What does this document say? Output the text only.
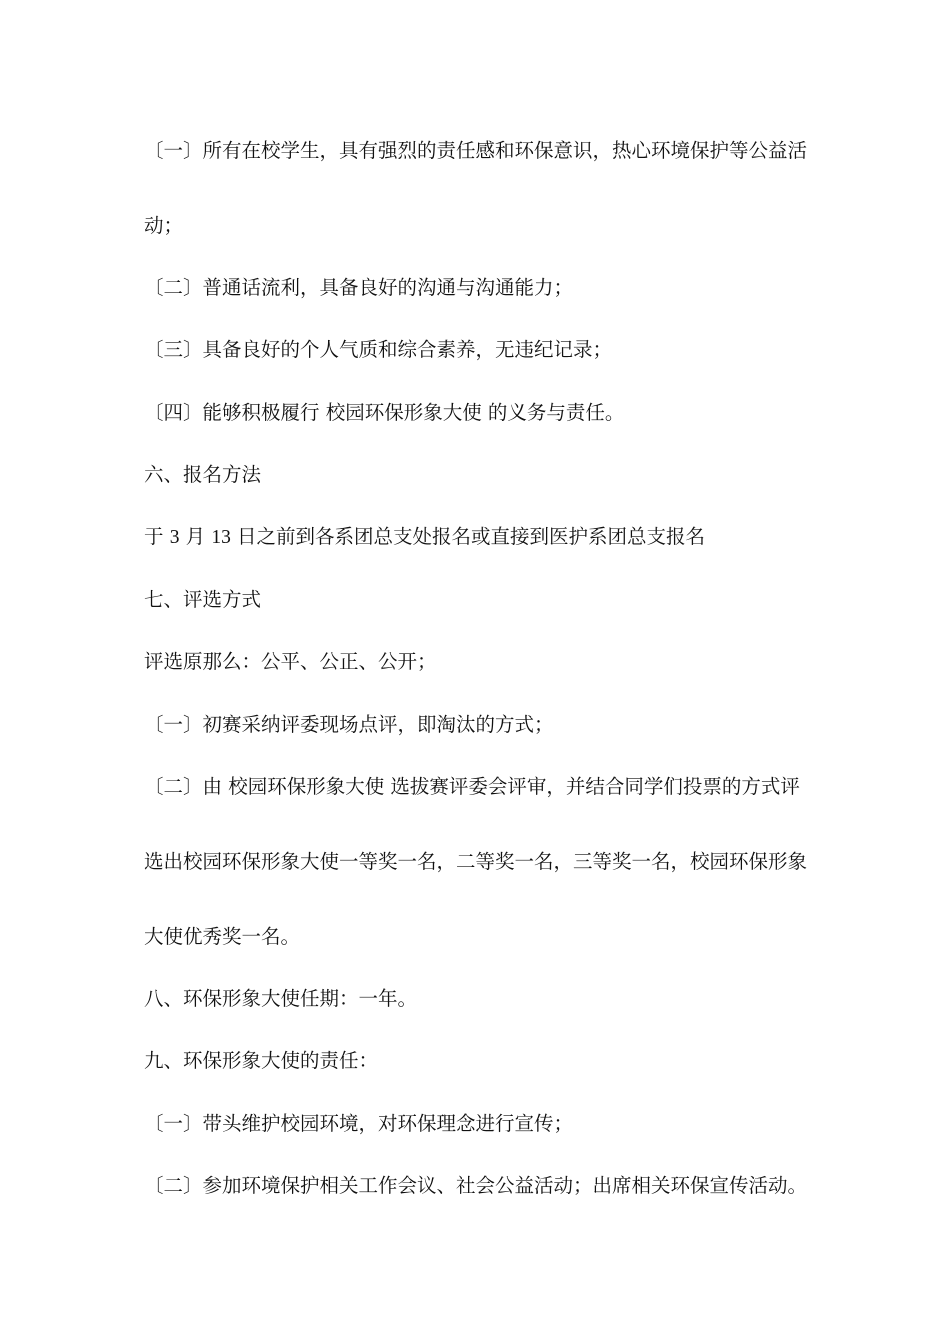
〔一〕所有在校学生，具有强烈的责任感和环保意识，热心环境保护等公益活
动；
〔二〕普通话流利，具备良好的沟通与沟通能力；
〔三〕具备良好的个人气质和综合素养，无违纪记录；
〔四〕能够积极履行 校园环保形象大使 的义务与责任。
六、报名方法
于 3 月 13 日之前到各系团总支处报名或直接到医护系团总支报名
七、评选方式
评选原那么：公平、公正、公开；
〔一〕初赛采纳评委现场点评，即淘汰的方式；
〔二〕由 校园环保形象大使 选拔赛评委会评审，并结合同学们投票的方式评
选出校园环保形象大使一等奖一名，二等奖一名，三等奖一名，校园环保形象
大使优秀奖一名。
八、环保形象大使任期：一年。
九、环保形象大使的责任：
〔一〕带头维护校园环境，对环保理念进行宣传；
〔二〕参加环境保护相关工作会议、社会公益活动；出席相关环保宣传活动。
